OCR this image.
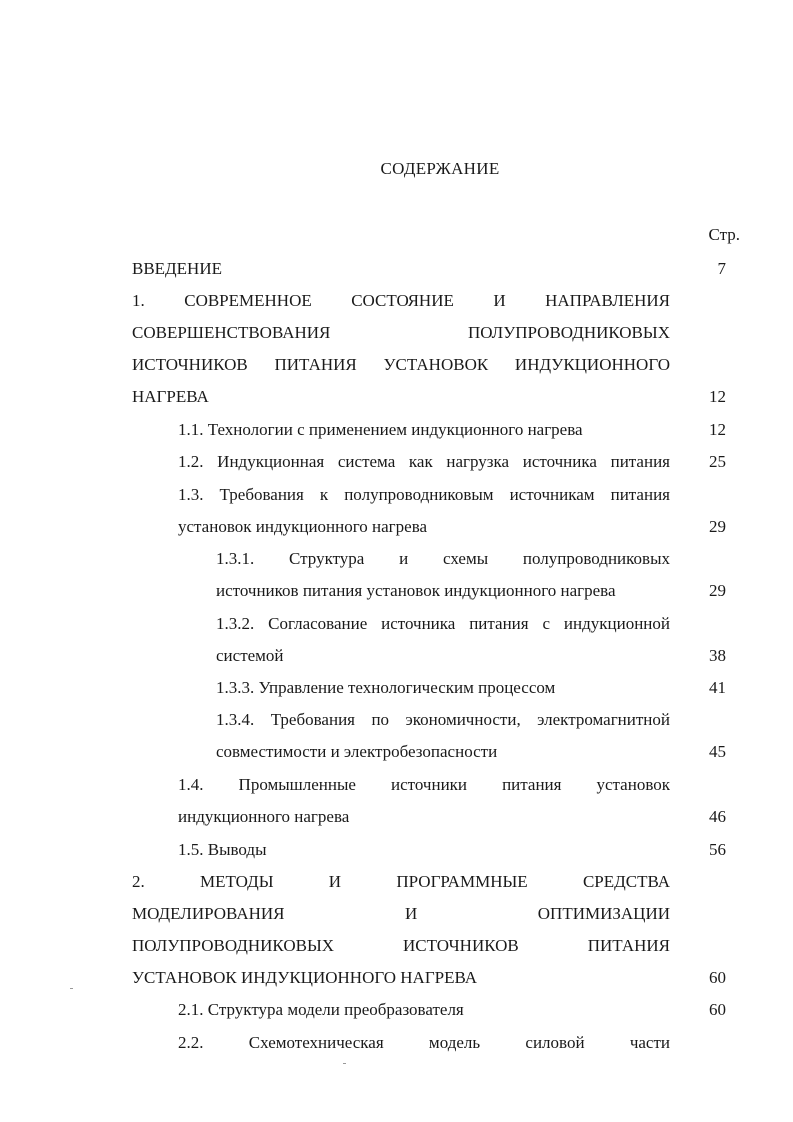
СОДЕРЖАНИЕ
Стр.
ВВЕДЕНИЕ	7
1. СОВРЕМЕННОЕ СОСТОЯНИЕ И НАПРАВЛЕНИЯ
СОВЕРШЕНСТВОВАНИЯ ПОЛУПРОВОДНИКОВЫХ
ИСТОЧНИКОВ ПИТАНИЯ УСТАНОВОК ИНДУКЦИОННОГО
НАГРЕВА	12
1.1. Технологии с применением индукционного нагрева	12
1.2. Индукционная система как нагрузка источника питания	25
1.3. Требования к полупроводниковым источникам питания
установок индукционного нагрева	29
1.3.1. Структура и схемы полупроводниковых
источников питания установок индукционного нагрева	29
1.3.2. Согласование источника питания с индукционной
системой	38
1.3.3. Управление технологическим процессом	41
1.3.4. Требования по экономичности, электромагнитной
совместимости и электробезопасности	45
1.4. Промышленные источники питания установок
индукционного нагрева	46
1.5. Выводы	56
2. МЕТОДЫ И ПРОГРАММНЫЕ СРЕДСТВА
МОДЕЛИРОВАНИЯ И ОПТИМИЗАЦИИ
ПОЛУПРОВОДНИКОВЫХ ИСТОЧНИКОВ ПИТАНИЯ
УСТАНОВОК ИНДУКЦИОННОГО НАГРЕВА	60
2.1. Структура модели преобразователя	60
2.2. Схемотехническая модель силовой части
